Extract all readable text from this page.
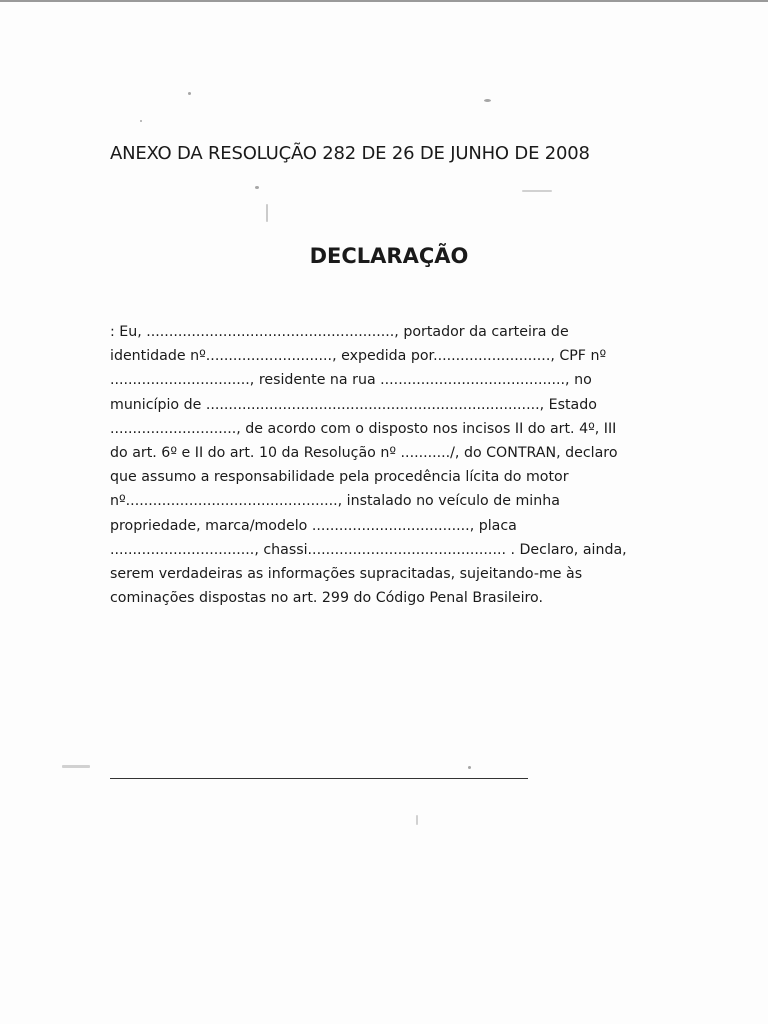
ANEXO DA RESOLUÇÃO 282 DE 26 DE JUNHO DE 2008
DECLARAÇÃO
: Eu, ......................................................., portador da carteira de
identidade nº............................, expedida por.........................., CPF nº
..............................., residente na rua ........................................., no
município de .........................................................................., Estado
............................, de acordo com o disposto nos incisos II do art. 4º, III
do art. 6º e II do art. 10 da Resolução nº .........../, do CONTRAN, declaro
que assumo a responsabilidade pela procedência lícita do motor
nº..............................................., instalado no veículo de minha
propriedade, marca/modelo ..................................., placa
................................, chassi............................................ . Declaro, ainda,
serem verdadeiras as informações supracitadas, sujeitando-me às
cominações dispostas no art. 299 do Código Penal Brasileiro.
